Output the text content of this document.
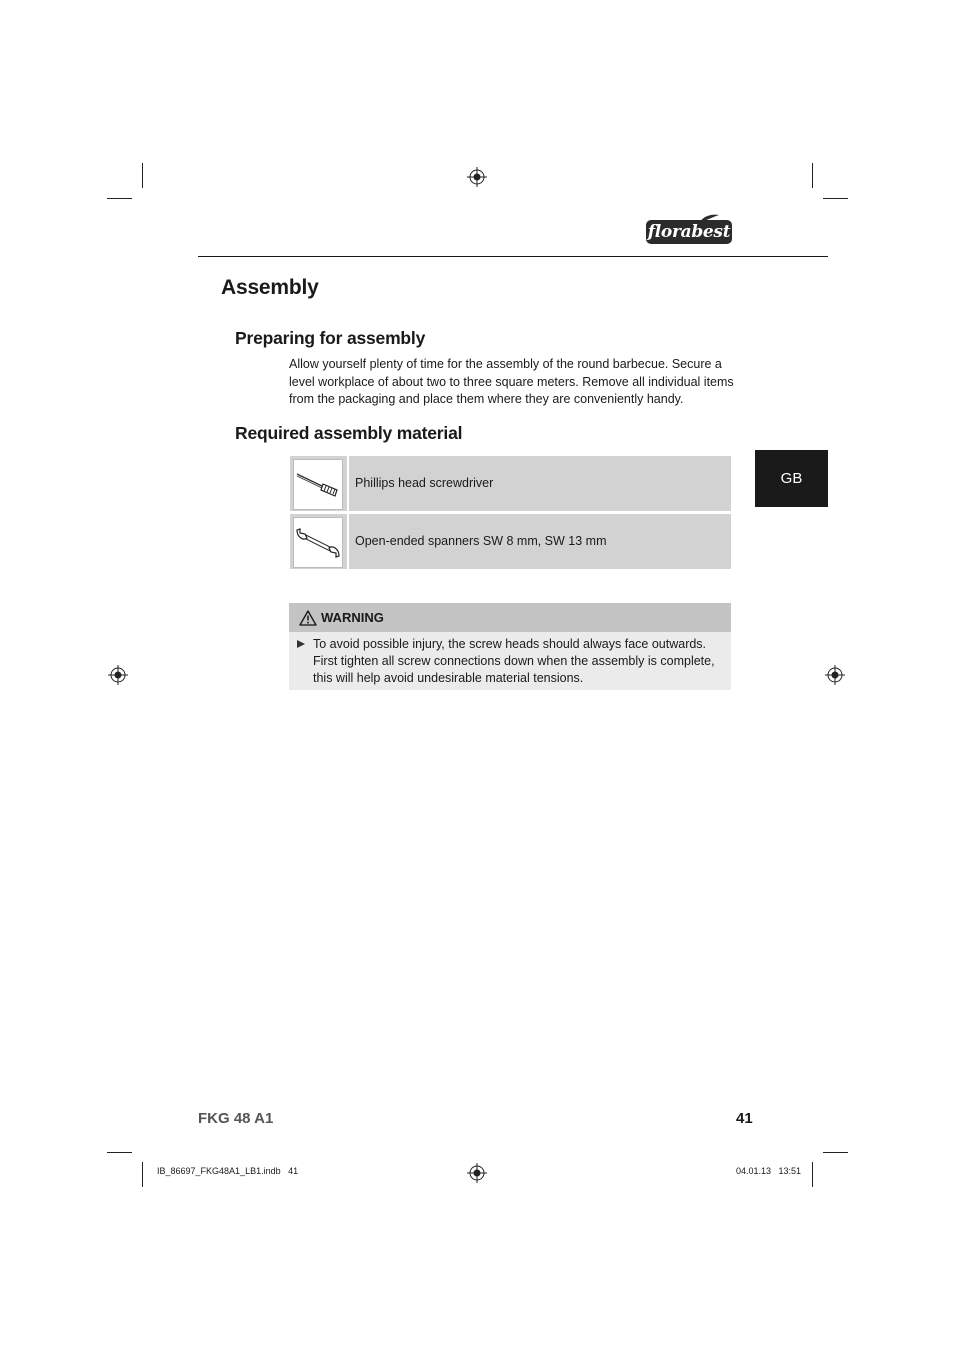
florabest
Assembly
Preparing for assembly

Allow yourself plenty of time for the assembly of the round barbecue. Secure a level workplace of about two to three square meters. Remove all individual items from the packaging and place them where they are conveniently handy.

Required assembly material
GB
Phillips head screwdriver
Open-ended spanners SW 8 mm, SW 13 mm
WARNING
To avoid possible injury, the screw heads should always face outwards. First tighten all screw connections down when the assembly is complete, this will help avoid undesirable material tensions.
FKG 48 A1	41
IB_86697_FKG48A1_LB1.indb   41	04.01.13   13:51
